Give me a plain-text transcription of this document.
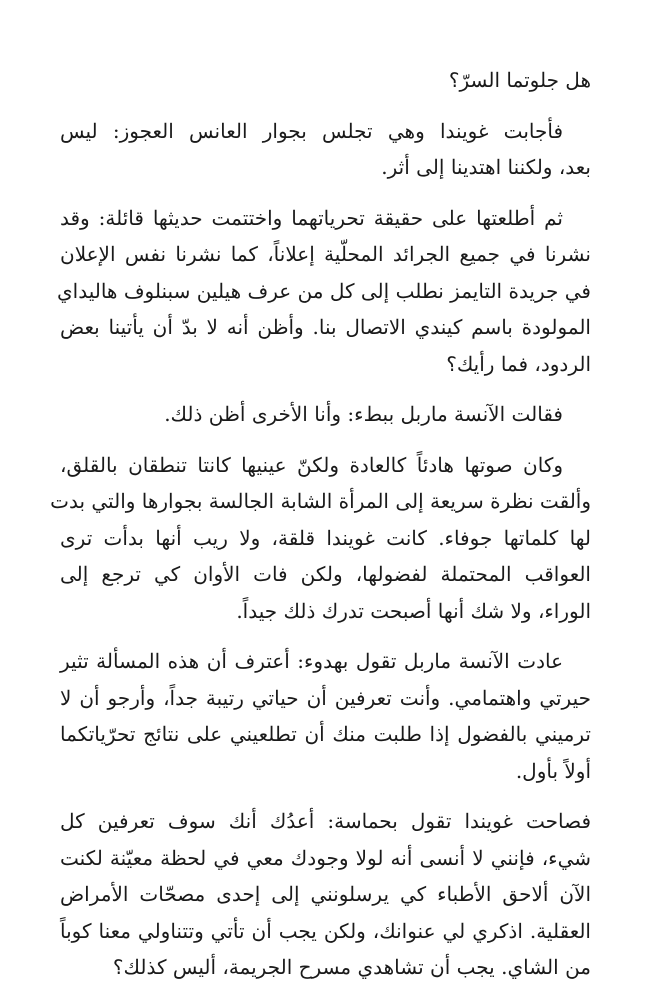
هل جلوتما السرّ؟
فأجابت غويندا وهي تجلس بجوار العانس العجوز: ليس
بعد، ولكننا اهتدينا إلى أثر.
ثم أطلعتها على حقيقة تحرياتهما واختتمت حديثها قائلة: وقد
نشرنا في جميع الجرائد المحلّية إعلاناً، كما نشرنا نفس الإعلان
في جريدة التايمز نطلب إلى كل من عرف هيلين سبنلوف هاليداي
المولودة باسم كيندي الاتصال بنا. وأظن أنه لا بدّ أن يأتينا بعض
الردود، فما رأيك؟
فقالت الآنسة ماربل ببطء: وأنا الأخرى أظن ذلك.
وكان صوتها هادئاً كالعادة ولكنّ عينيها كانتا تنطقان بالقلق،
وألقت نظرة سريعة إلى المرأة الشابة الجالسة بجوارها والتي بدت
لها كلماتها جوفاء. كانت غويندا قلقة، ولا ريب أنها بدأت ترى
العواقب المحتملة لفضولها، ولكن فات الأوان كي ترجع إلى
الوراء، ولا شك أنها أصبحت تدرك ذلك جيداً.
عادت الآنسة ماربل تقول بهدوء: أعترف أن هذه المسألة تثير
حيرتي واهتمامي. وأنت تعرفين أن حياتي رتيبة جداً، وأرجو أن لا
ترميني بالفضول إذا طلبت منك أن تطلعيني على نتائج تحرّياتكما
أولاً بأول.
فصاحت غويندا تقول بحماسة: أعدُك أنك سوف تعرفين كل
شيء، فإنني لا أنسى أنه لولا وجودك معي في لحظة معيّنة لكنت
الآن ألاحق الأطباء كي يرسلونني إلى إحدى مصحّات الأمراض
العقلية. اذكري لي عنوانك، ولكن يجب أن تأتي وتتناولي معنا كوباً
من الشاي. يجب أن تشاهدي مسرح الجريمة، أليس كذلك؟
